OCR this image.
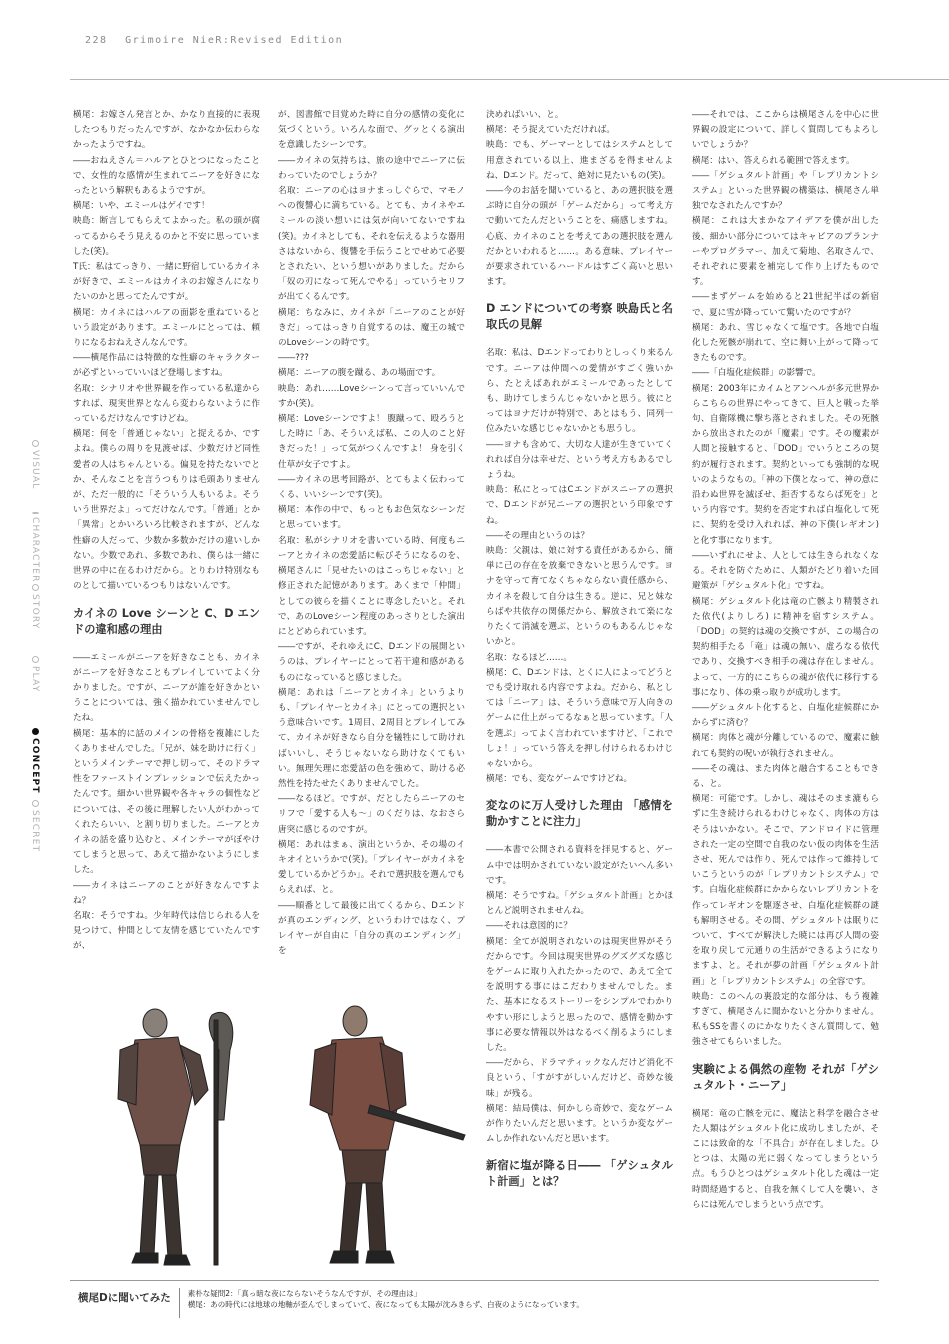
228 Grimoire NieR:Revised Edition
VISUAL
CHARACTER
STORY
PLAY
CONCEPT
SECRET

横尾：お嫁さん発言とか、かなり直接的に表現したつもりだったんですが、なかなか伝わらなかったようですね。

――おねえさん＝ハルアとひとつになったことで、女性的な感情が生まれてニーアを好きになったという解釈もあるようですが。

横尾：いや、エミールはゲイです！

映島：断言してもらえてよかった。私の頭が腐ってるからそう見えるのかと不安に思っていました(笑)。

T氏：私はてっきり、一緒に野宿しているカイネが好きで、エミールはカイネのお嫁さんになりたいのかと思ってたんですが。

横尾：カイネにはハルアの面影を重ねているという設定があります。エミールにとっては、頼りになるおねえさんなんです。

――横尾作品には特徴的な性癖のキャラクターが必ずといっていいほど登場しますね。

名取：シナリオや世界観を作っている私達からすれば、現実世界となんら変わらないように作っているだけなんですけどね。

横尾：何を「普通じゃない」と捉えるか、ですよね。僕らの周りを見渡せば、少数だけど同性愛者の人はちゃんといる。偏見を持たないでとか、そんなことを言うつもりは毛頭ありませんが、ただ一般的に「そういう人もいるよ。そういう世界だよ」ってだけなんです。「普通」とか「異常」とかいろいろ比較されますが、どんな性癖の人だって、少数か多数かだけの違いしかない。少数であれ、多数であれ、僕らは一緒に世界の中に在るわけだから。とりわけ特別なものとして描いているつもりはないんです。

カイネの Love シーンと C、D エンドの違和感の理由

――エミールがニーアを好きなことも、カイネがニーアを好きなこともプレイしていてよく分かりました。ですが、ニーアが誰を好きかということについては、強く描かれていませんでしたね。

横尾：基本的に話のメインの骨格を複雑にしたくありませんでした。「兄が、妹を助けに行く」というメインテーマで押し切って、そのドラマ性をファーストインプレッションで伝えたかったんです。細かい世界観や各キャラの個性などについては、その後に理解したい人がわかってくれたらいい、と割り切りました。ニーアとカイネの話を盛り込むと、メインテーマがぼやけてしまうと思って、あえて描かないようにしました。

――カイネはニーアのことが好きなんですよね？

名取：そうですね。少年時代は信じられる人を見つけて、仲間として友情を感じていたんですが、

が、図書館で目覚めた時に自分の感情の変化に気づくという。いろんな面で、グッとくる演出を意識したシーンです。

――カイネの気持ちは、旅の途中でニーアに伝わっていたのでしょうか？

名取：ニーアの心はヨナまっしぐらで、マモノへの復讐心に満ちている。とても、カイネやエミールの淡い想いには気が向いてないですね(笑)。カイネとしても、それを伝えるような器用さはないから、復讐を手伝うことでせめて必要とされたい、という想いがありました。だから「奴の刃になって死んでやる」っていうセリフが出てくるんです。

横尾：ちなみに、カイネが「ニーアのことが好きだ」ってはっきり自覚するのは、魔王の城でのLoveシーンの時です。

――???

横尾：ニーアの腹を蹴る、あの場面です。

映島：あれ……Loveシーンって言っていいんですか(笑)。

横尾：Loveシーンですよ！ 腹蹴って、殴ろうとした時に「あ、そういえば私、この人のこと好きだった！」って気がつくんですよ！ 身を引く仕草が女子ですよ。

――カイネの思考回路が、とてもよく伝わってくる、いいシーンです(笑)。

横尾：本作の中で、もっともお色気なシーンだと思っています。

名取：私がシナリオを書いている時、何度もニーアとカイネの恋愛話に転びそうになるのを、横尾さんに「見せたいのはこっちじゃない」と修正された記憶があります。あくまで「仲間」としての彼らを描くことに専念したいと。それで、あのLoveシーン程度のあっさりとした演出にとどめられています。

――ですが、それゆえにC、Dエンドの展開というのは、プレイヤーにとって若干違和感があるものになっていると感じました。

横尾：あれは「ニーアとカイネ」というよりも、「プレイヤーとカイネ」にとっての選択という意味合いです。1周目、2周目とプレイしてみて、カイネが好きなら自分を犠牲にして助ければいいし、そうじゃないなら助けなくてもいい。無理矢理に恋愛話の色を強めて、助ける必然性を持たせたくありませんでした。

――なるほど。ですが、だとしたらニーアのセリフで「愛する人も～」のくだりは、なおさら唐突に感じるのですが。

横尾：あれはまぁ、演出というか、その場のイキオイというかで(笑)。「プレイヤーがカイネを愛しているかどうか」。それで選択肢を選んでもらえれば、と。

――順番として最後に出てくるから、Dエンドが真のエンディング、というわけではなく、プレイヤーが自由に「自分の真のエンディング」を

決めればいい、と。

横尾：そう捉えていただければ。

映島：でも、ゲーマーとしてはシステムとして用意されている以上、進まざるを得ませんよね、Dエンド。だって、絶対に見たいもの(笑)。

――今のお話を聞いていると、あの選択肢を選ぶ時に自分の頭が「ゲームだから」って考え方で動いてたんだということを、痛感しますね。心底、カイネのことを考えてあの選択肢を選んだかといわれると……。ある意味、プレイヤーが要求されているハードルはすごく高いと思います。

D エンドについての考察 映島氏と名取氏の見解

名取：私は、Dエンドってわりとしっくり来るんです。ニーアは仲間への愛情がすごく強いから、たとえばあれがエミールであったとしても、助けてしまうんじゃないかと思う。彼にとってはヨナだけが特別で、あとはもう、同列一位みたいな感じじゃないかとも思うし。

――ヨナも含めて、大切な人達が生きていてくれれば自分は幸せだ、という考え方もあるでしょうね。

映島：私にとってはCエンドがスニーアの選択で、Dエンドが兄ニーアの選択という印象ですね。

――その理由というのは？

映島：父親は、娘に対する責任があるから、簡単に己の存在を放棄できないと思うんです。ヨナを守って育てなくちゃならない責任感から、カイネを殺して自分は生きる。逆に、兄と妹ならばや共依存の関係だから、解放されて楽になりたくて消滅を選ぶ、というのもあるんじゃないかと。

名取：なるほど……。

横尾：C、Dエンドは、とくに人によってどうとでも受け取れる内容ですよね。だから、私としては「ニーア」は、そういう意味で万人向きのゲームに仕上がってるなぁと思っています。「人を選ぶ」ってよく言われていますけど、「これでしょ！」っていう答えを押し付けられるわけじゃないから。

横尾：でも、変なゲームですけどね。

変なのに万人受けした理由 「感情を動かすことに注力」

――本書で公開される資料を拝見すると、ゲーム中では明かされていない設定がたいへん多いです。

横尾：そうですね。「ゲシュタルト計画」とかほとんど説明されませんね。

――それは意図的に？

横尾：全てが説明されないのは現実世界がそうだからです。今回は現実世界のグズグズな感じをゲームに取り入れたかったので、あえて全てを説明する事にはこだわりませんでした。また、基本になるストーリーをシンプルでわかりやすい形にしようと思ったので、感情を動かす事に必要な情報以外はなるべく削るようにしました。

――だから、ドラマティックなんだけど消化不良という、「すがすがしいんだけど、奇妙な後味」が残る。

横尾：結局僕は、何かしら奇妙で、変なゲームが作りたいんだと思います。というか変なゲームしか作れないんだと思います。

新宿に塩が降る日―― 「ゲシュタルト計画」とは？

――それでは、ここからは横尾さんを中心に世界観の設定について、詳しく質問してもよろしいでしょうか？

横尾：はい、答えられる範囲で答えます。

――「ゲシュタルト計画」や「レプリカントシステム」といった世界観の構築は、横尾さん単独でなされたんですか？

横尾：これは大まかなアイデアを僕が出した後、細かい部分についてはキャビアのプランナーやプログラマー、加えて菊地、名取さんで、それぞれに要素を補完して作り上げたものです。

――まずゲームを始めると21世紀半ばの新宿で、夏に雪が降っていて驚いたのですが？

横尾：あれ、雪じゃなくて塩です。各地で白塩化した死骸が崩れて、空に舞い上がって降ってきたものです。

――「白塩化症候群」の影響で。

横尾：2003年にカイムとアンヘルが多元世界からこちらの世界にやってきて、巨人と戦った挙句、自衛隊機に撃ち落とされました。その死骸から放出されたのが「魔素」です。その魔素が人間と接触すると、「DOD」でいうところの契約が履行されます。契約といっても強制的な呪いのようなもの。「神の下僕となって、神の意に沿わぬ世界を滅ぼせ、拒否するならば死を」という内容です。契約を否定すれば白塩化して死に、契約を受け入れれば、神の下僕(レギオン)と化す事になります。

――いずれにせよ、人としては生きられなくなる。それを防ぐために、人類がたどり着いた回避策が「ゲシュタルト化」ですね。

横尾：ゲシュタルト化は竜の亡骸より精製された依代(よりしろ) に精神を宿すシステム。「DOD」の契約は魂の交換ですが、この場合の契約相手たる「竜」は魂の無い、虚ろなる依代であり、交換すべき相手の魂は存在しません。よって、一方的にこちらの魂が依代に移行する事になり、体の乗っ取りが成功します。

――ゲシュタルト化すると、白塩化症候群にかからずに済む？

横尾：肉体と魂が分離しているので、魔素に触れても契約の呪いが執行されません。

――その魂は、また肉体と融合することもできる、と。

横尾：可能です。しかし、魂はそのまま漉もらずに生き続けられるわけじゃなく、肉体の方はそうはいかない。そこで、アンドロイドに管理された一定の空間で自我のない仮の肉体を生活させ、死んでは作り、死んでは作って維持していこうというのが「レプリカントシステム」です。白塩化症候群にかからないレプリカントを作ってレギオンを駆逐させ、白塩化症候群の謎も解明させる。その間、ゲシュタルトは眠りについて、すべてが解決した暁には再び人間の姿を取り戻して元通りの生活ができるようになりますよ、と。それが夢の計画「ゲシュタルト計画」と「レプリカントシステム」の全容です。

映島：このへんの裏設定的な部分は、もう複雑すぎて、横尾さんに聞かないと分かりません。私もSSを書くのにかなりたくさん質問して、勉強させてもらいました。

実験による偶然の産物 それが「ゲシュタルト・ニーア」

横尾：竜の亡骸を元に、魔法と科学を融合させた人類はゲシュタルト化に成功しましたが、そこには致命的な「不具合」が存在しました。ひとつは、太陽の光に弱くなってしまうという点。もうひとつはゲシュタルト化した魂は一定時間経過すると、自我を無くして人を襲い、さらには死んでしまうという点です。

横尾Dに聞いてみた	素朴な疑問2：「真っ暗な夜にならないそうなんですが、その理由は」
横尾：あの時代には地球の地軸が歪んでしまっていて、夜になっても太陽が沈みきらず、白夜のようになっています。
